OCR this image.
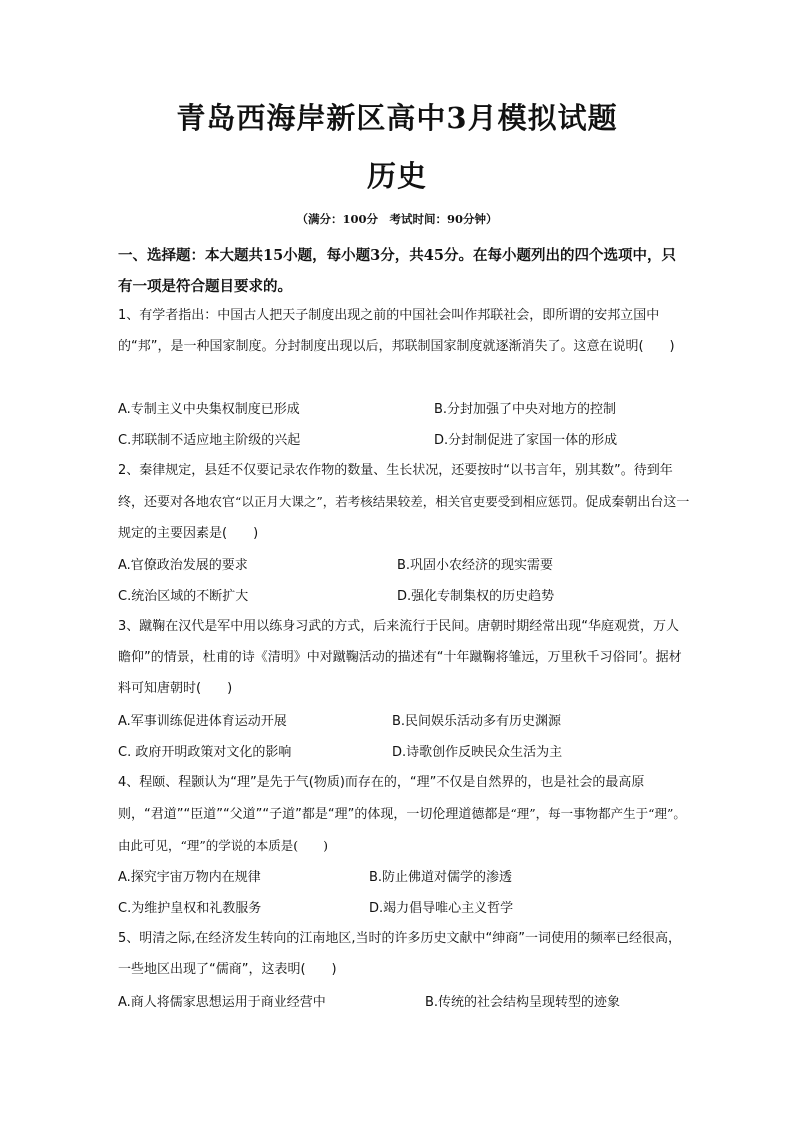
青岛西海岸新区高中3月模拟试题
历史
（满分：100分　考试时间：90分钟）
一、选择题：本大题共15小题，每小题3分，共45分。在每小题列出的四个选项中，只有一项是符合题目要求的。
1、有学者指出：中国古人把天子制度出现之前的中国社会叫作邦联社会，即所谓的安邦立国中的“邦”，是一种国家制度。分封制度出现以后，邦联制国家制度就逐渐消失了。这意在说明(　　)
A.专制主义中央集权制度已形成	B.分封加强了中央对地方的控制
C.邦联制不适应地主阶级的兴起	D.分封制促进了家国一体的形成
2、秦律规定，县廷不仅要记录农作物的数量、生长状况，还要按时“以书言年，别其数”。待到年终，还要对各地农官“以正月大课之”，若考核结果较差，相关官吏要受到相应惩罚。促成秦朝出台这一规定的主要因素是(　　)
A.官僚政治发展的要求	B.巩固小农经济的现实需要
C.统治区域的不断扩大	D.强化专制集权的历史趋势
3、蹴鞠在汉代是军中用以练身习武的方式，后来流行于民间。唐朝时期经常出现“华庭观赏，万人瞻仰”的情景，杜甫的诗《清明》中对蹴鞠活动的描述有“十年蹴鞠将雏远，万里秋千习俗同’。据材料可知唐朝时(　　)
A.军事训练促进体育运动开展	B.民间娱乐活动多有历史渊源
C. 政府开明政策对文化的影响	D.诗歌创作反映民众生活为主
4、程颐、程颢认为“理”是先于气(物质)而存在的，“理”不仅是自然界的，也是社会的最高原则，“君道”“臣道”“父道”“子道”都是“理”的体现，一切伦理道德都是“理”，每一事物都产生于“理”。由此可见，“理”的学说的本质是(　　)
A.探究宇宙万物内在规律	B.防止佛道对儒学的渗透
C.为维护皇权和礼教服务	D.竭力倡导唯心主义哲学
5、明清之际,在经济发生转向的江南地区,当时的许多历史文献中“绅商”一词使用的频率已经很高，一些地区出现了“儒商”，这表明(　　)
A.商人将儒家思想运用于商业经营中	B.传统的社会结构呈现转型的迹象
